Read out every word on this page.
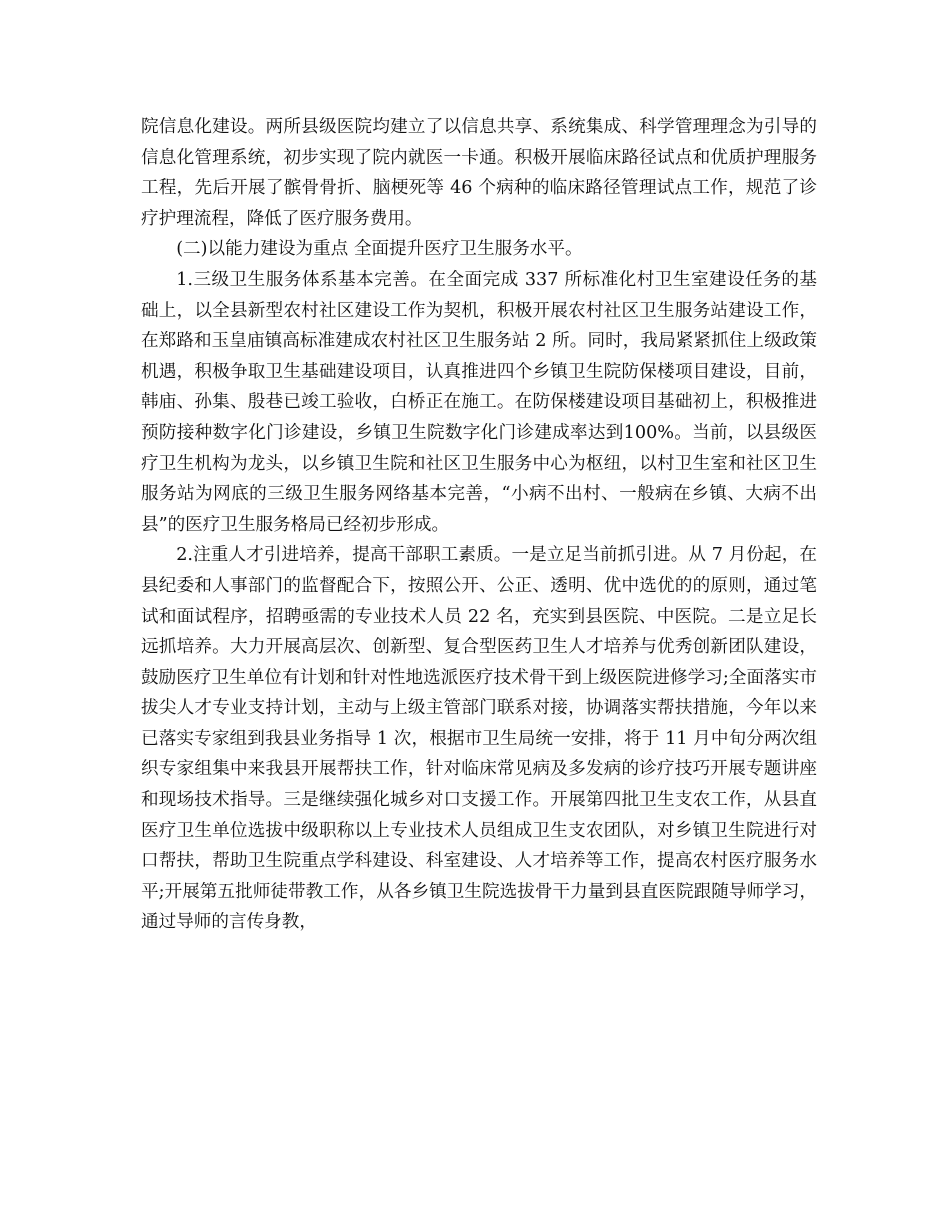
院信息化建设。两所县级医院均建立了以信息共享、系统集成、科学管理理念为引导的信息化管理系统，初步实现了院内就医一卡通。积极开展临床路径试点和优质护理服务工程，先后开展了髌骨骨折、脑梗死等 46 个病种的临床路径管理试点工作，规范了诊疗护理流程，降低了医疗服务费用。

(二)以能力建设为重点 全面提升医疗卫生服务水平。

1.三级卫生服务体系基本完善。在全面完成 337 所标准化村卫生室建设任务的基础上，以全县新型农村社区建设工作为契机，积极开展农村社区卫生服务站建设工作，在郑路和玉皇庙镇高标准建成农村社区卫生服务站 2 所。同时，我局紧紧抓住上级政策机遇，积极争取卫生基础建设项目，认真推进四个乡镇卫生院防保楼项目建设，目前，韩庙、孙集、殷巷已竣工验收，白桥正在施工。在防保楼建设项目基础初上，积极推进预防接种数字化门诊建设，乡镇卫生院数字化门诊建成率达到100%。当前，以县级医疗卫生机构为龙头，以乡镇卫生院和社区卫生服务中心为枢纽，以村卫生室和社区卫生服务站为网底的三级卫生服务网络基本完善，“小病不出村、一般病在乡镇、大病不出县”的医疗卫生服务格局已经初步形成。

2.注重人才引进培养，提高干部职工素质。一是立足当前抓引进。从 7 月份起，在县纪委和人事部门的监督配合下，按照公开、公正、透明、优中选优的的原则，通过笔试和面试程序，招聘亟需的专业技术人员 22 名，充实到县医院、中医院。二是立足长远抓培养。大力开展高层次、创新型、复合型医药卫生人才培养与优秀创新团队建设，鼓励医疗卫生单位有计划和针对性地选派医疗技术骨干到上级医院进修学习;全面落实市拔尖人才专业支持计划，主动与上级主管部门联系对接，协调落实帮扶措施，今年以来已落实专家组到我县业务指导 1 次，根据市卫生局统一安排，将于 11 月中旬分两次组织专家组集中来我县开展帮扶工作，针对临床常见病及多发病的诊疗技巧开展专题讲座和现场技术指导。三是继续强化城乡对口支援工作。开展第四批卫生支农工作，从县直医疗卫生单位选拔中级职称以上专业技术人员组成卫生支农团队，对乡镇卫生院进行对口帮扶，帮助卫生院重点学科建设、科室建设、人才培养等工作，提高农村医疗服务水平;开展第五批师徒带教工作，从各乡镇卫生院选拔骨干力量到县直医院跟随导师学习，通过导师的言传身教，
